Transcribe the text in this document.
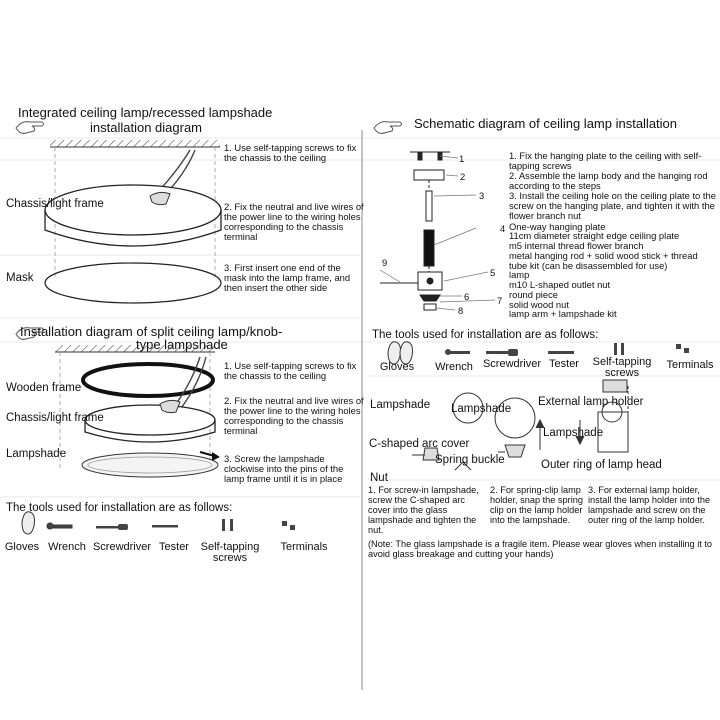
Integrated ceiling lamp/recessed lampshade
installation diagram
1. Use self-tapping screws to fix the chassis to the ceiling
2. Fix the neutral and live wires of the power line to the wiring holes corresponding to the chassis terminal
3. First insert one end of the mask into the lamp frame, and then insert the other side
Chassis/light frame
Mask
Installation diagram of split ceiling lamp/knob-
type lampshade
1. Use self-tapping screws to fix the chassis to the ceiling
2. Fix the neutral and live wires of the power line to the wiring holes corresponding to the chassis terminal
3. Screw the lampshade clockwise into the pins of the lamp frame until it is in place
Wooden frame
Chassis/light frame
Lampshade
The tools used for installation are as follows:
Gloves Wrench Screwdriver Tester	Self-tapping screws
Terminals
Schematic diagram of ceiling lamp installation
1. Fix the hanging plate to the ceiling with self-tapping screws
2. Assemble the lamp body and the hanging rod according to the steps
3. Install the ceiling hole on the ceiling plate to the screw on the hanging plate, and tighten it with the flower branch nut
One-way hanging plate
11cm diameter straight edge ceiling plate
m5 internal thread flower branch
metal hanging rod + solid wood stick + thread tube kit (can be disassembled for use)
lamp
m10 L-shaped outlet nut
round piece
solid wood nut
lamp arm + lampshade kit
1
2
3
4
5
6	7
8
9
The tools used for installation are as follows:
Gloves	Wrench Screwdriver Tester	Self-tapping screws
Terminals
Lampshade Lampshade
External lamp holder
Lampshade
C-shaped arc cover
Spring buckle	Outer ring of lamp head
Nut
1. For screw-in lampshade, screw the C-shaped arc cover into the glass lampshade and tighten the nut.
2. For spring-clip lamp holder, snap the spring clip on the lamp holder into the lampshade.
3. For external lamp holder, install the lamp holder into the lampshade and screw on the outer ring of the lamp holder.
(Note: The glass lampshade is a fragile item. Please wear gloves when installing it to avoid glass breakage and cutting your hands)
